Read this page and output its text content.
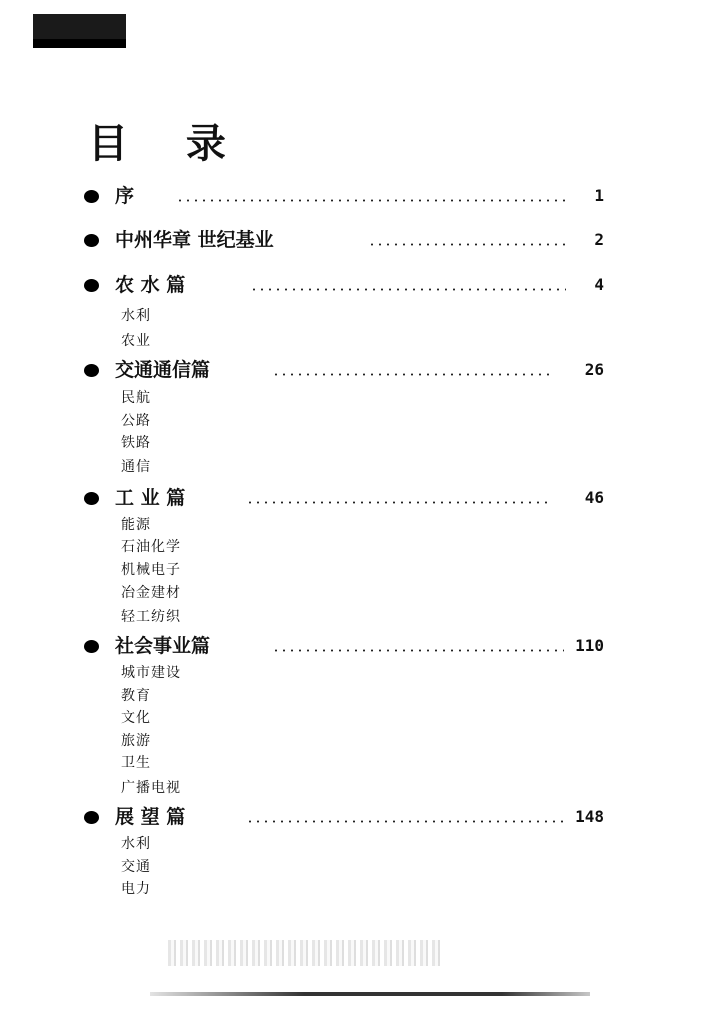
目 录
序	1
中州华章 世纪基业	2
农 水 篇	4

水利

农业

交通通信篇	26

民航

公路

铁路

通信

工 业 篇	46

能源

石油化学

机械电子

冶金建材

轻工纺织

社会事业篇	110

城市建设

教育

文化

旅游

卫生

广播电视

展 望 篇	148

水利

交通

电力
